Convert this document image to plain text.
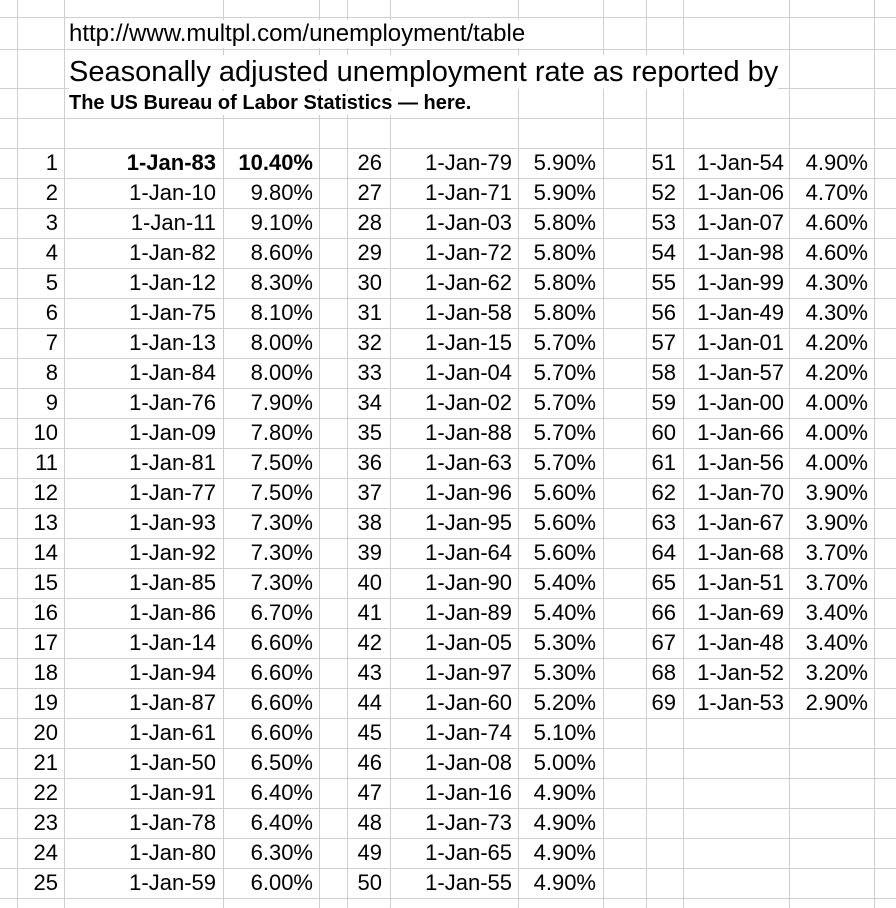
http://www.multpl.com/unemployment/table
Seasonally adjusted unemployment rate as reported by
The US Bureau of Labor Statistics — here.
1	1-Jan-83 10.40%
2	1-Jan-10 9.80%
3	1-Jan-11 9.10%
4	1-Jan-82 8.60%
5	1-Jan-12 8.30%
6	1-Jan-75 8.10%
7	1-Jan-13 8.00%
8	1-Jan-84 8.00%
9	1-Jan-76 7.90%
10	1-Jan-09 7.80%
11	1-Jan-81 7.50%
12	1-Jan-77 7.50%
13	1-Jan-93 7.30%
14	1-Jan-92 7.30%
15	1-Jan-85 7.30%
16	1-Jan-86 6.70%
17	1-Jan-14 6.60%
18	1-Jan-94 6.60%
19	1-Jan-87 6.60%
20	1-Jan-61 6.60%
21	1-Jan-50 6.50%
22	1-Jan-91 6.40%
23	1-Jan-78 6.40%
24	1-Jan-80 6.30%
25	1-Jan-59 6.00%
26 1-Jan-79 5.90%
27 1-Jan-71 5.90%
28 1-Jan-03 5.80%
29 1-Jan-72 5.80%
30 1-Jan-62 5.80%
31 1-Jan-58 5.80%
32 1-Jan-15 5.70%
33 1-Jan-04 5.70%
34 1-Jan-02 5.70%
35 1-Jan-88 5.70%
36 1-Jan-63 5.70%
37 1-Jan-96 5.60%
38 1-Jan-95 5.60%
39 1-Jan-64 5.60%
40 1-Jan-90 5.40%
41 1-Jan-89 5.40%
42 1-Jan-05 5.30%
43 1-Jan-97 5.30%
44 1-Jan-60 5.20%
45 1-Jan-74 5.10%
46 1-Jan-08 5.00%
47 1-Jan-16 4.90%
48 1-Jan-73 4.90%
49 1-Jan-65 4.90%
50 1-Jan-55 4.90%
51 1-Jan-54 4.90%
52 1-Jan-06 4.70%
53 1-Jan-07 4.60%
54 1-Jan-98 4.60%
55 1-Jan-99 4.30%
56 1-Jan-49 4.30%
57 1-Jan-01 4.20%
58 1-Jan-57 4.20%
59 1-Jan-00 4.00%
60 1-Jan-66 4.00%
61 1-Jan-56 4.00%
62 1-Jan-70 3.90%
63 1-Jan-67 3.90%
64 1-Jan-68 3.70%
65 1-Jan-51 3.70%
66 1-Jan-69 3.40%
67 1-Jan-48 3.40%
68 1-Jan-52 3.20%
69 1-Jan-53 2.90%
